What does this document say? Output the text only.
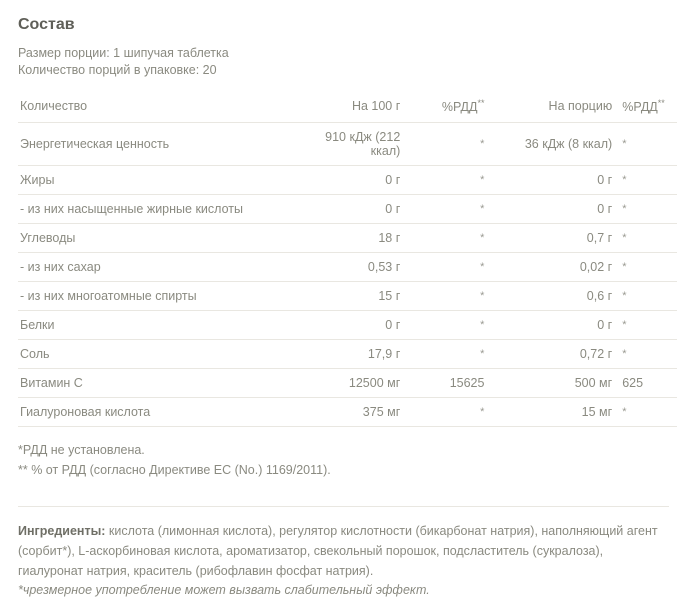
Состав
Размер порции: 1 шипучая таблетка
Количество порций в упаковке: 20
Количество	На 100 г	%РДД**	На порцию	%РДД**
Энергетическая ценность	910 кДж (212 ккал)	*	36 кДж (8 ккал)	*
Жиры	0 г	*	0 г	*
- из них насыщенные жирные кислоты	0 г	*	0 г	*
Углеводы	18 г	*	0,7 г	*
- из них сахар	0,53 г	*	0,02 г	*
- из них многоатомные спирты	15 г	*	0,6 г	*
Белки	0 г	*	0 г	*
Соль	17,9 г	*	0,72 г	*
Витамин C	12500 мг	15625	500 мг	625
Гиалуроновая кислота	375 мг	*	15 мг	*
*РДД не установлена.
** % от РДД (согласно Директиве ЕС (No.) 1169/2011).
Ингредиенты: кислота (лимонная кислота), регулятор кислотности (бикарбонат натрия), наполняющий агент (сорбит*), L-аскорбиновая кислота, ароматизатор, свекольный порошок, подсластитель (сукралоза), гиалуронат натрия, краситель (рибофлавин фосфат натрия).
*чрезмерное употребление может вызвать слабительный эффект.
